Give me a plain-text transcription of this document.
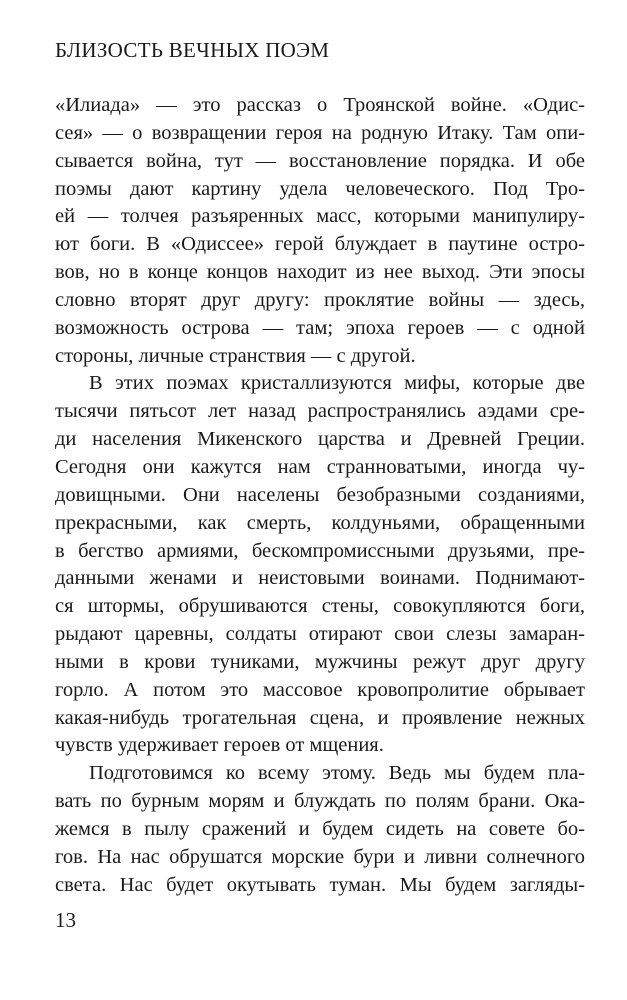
БЛИЗОСТЬ ВЕЧНЫХ ПОЭМ
«Илиада» — это рассказ о Троянской войне. «Одис-
сея» — о возвращении героя на родную Итаку. Там опи-
сывается война, тут — восстановление порядка. И обе
поэмы дают картину удела человеческого. Под Тро-
ей — толчея разъяренных масс, которыми манипулиру-
ют боги. В «Одиссее» герой блуждает в паутине остро-
вов, но в конце концов находит из нее выход. Эти эпосы
словно вторят друг другу: проклятие войны — здесь,
возможность острова — там; эпоха героев — с одной
стороны, личные странствия — с другой.
В этих поэмах кристаллизуются мифы, которые две
тысячи пятьсот лет назад распространялись аэдами сре-
ди населения Микенского царства и Древней Греции.
Сегодня они кажутся нам странноватыми, иногда чу-
довищными. Они населены безобразными созданиями,
прекрасными, как смерть, колдуньями, обращенными
в бегство армиями, бескомпромиссными друзьями, пре-
данными женами и неистовыми воинами. Поднимают-
ся штормы, обрушиваются стены, совокупляются боги,
рыдают царевны, солдаты отирают свои слезы замаран-
ными в крови туниками, мужчины режут друг другу
горло. А потом это массовое кровопролитие обрывает
какая-нибудь трогательная сцена, и проявление нежных
чувств удерживает героев от мщения.
Подготовимся ко всему этому. Ведь мы будем пла-
вать по бурным морям и блуждать по полям брани. Ока-
жемся в пылу сражений и будем сидеть на совете бо-
гов. На нас обрушатся морские бури и ливни солнечного
света. Нас будет окутывать туман. Мы будем загляды-
13
